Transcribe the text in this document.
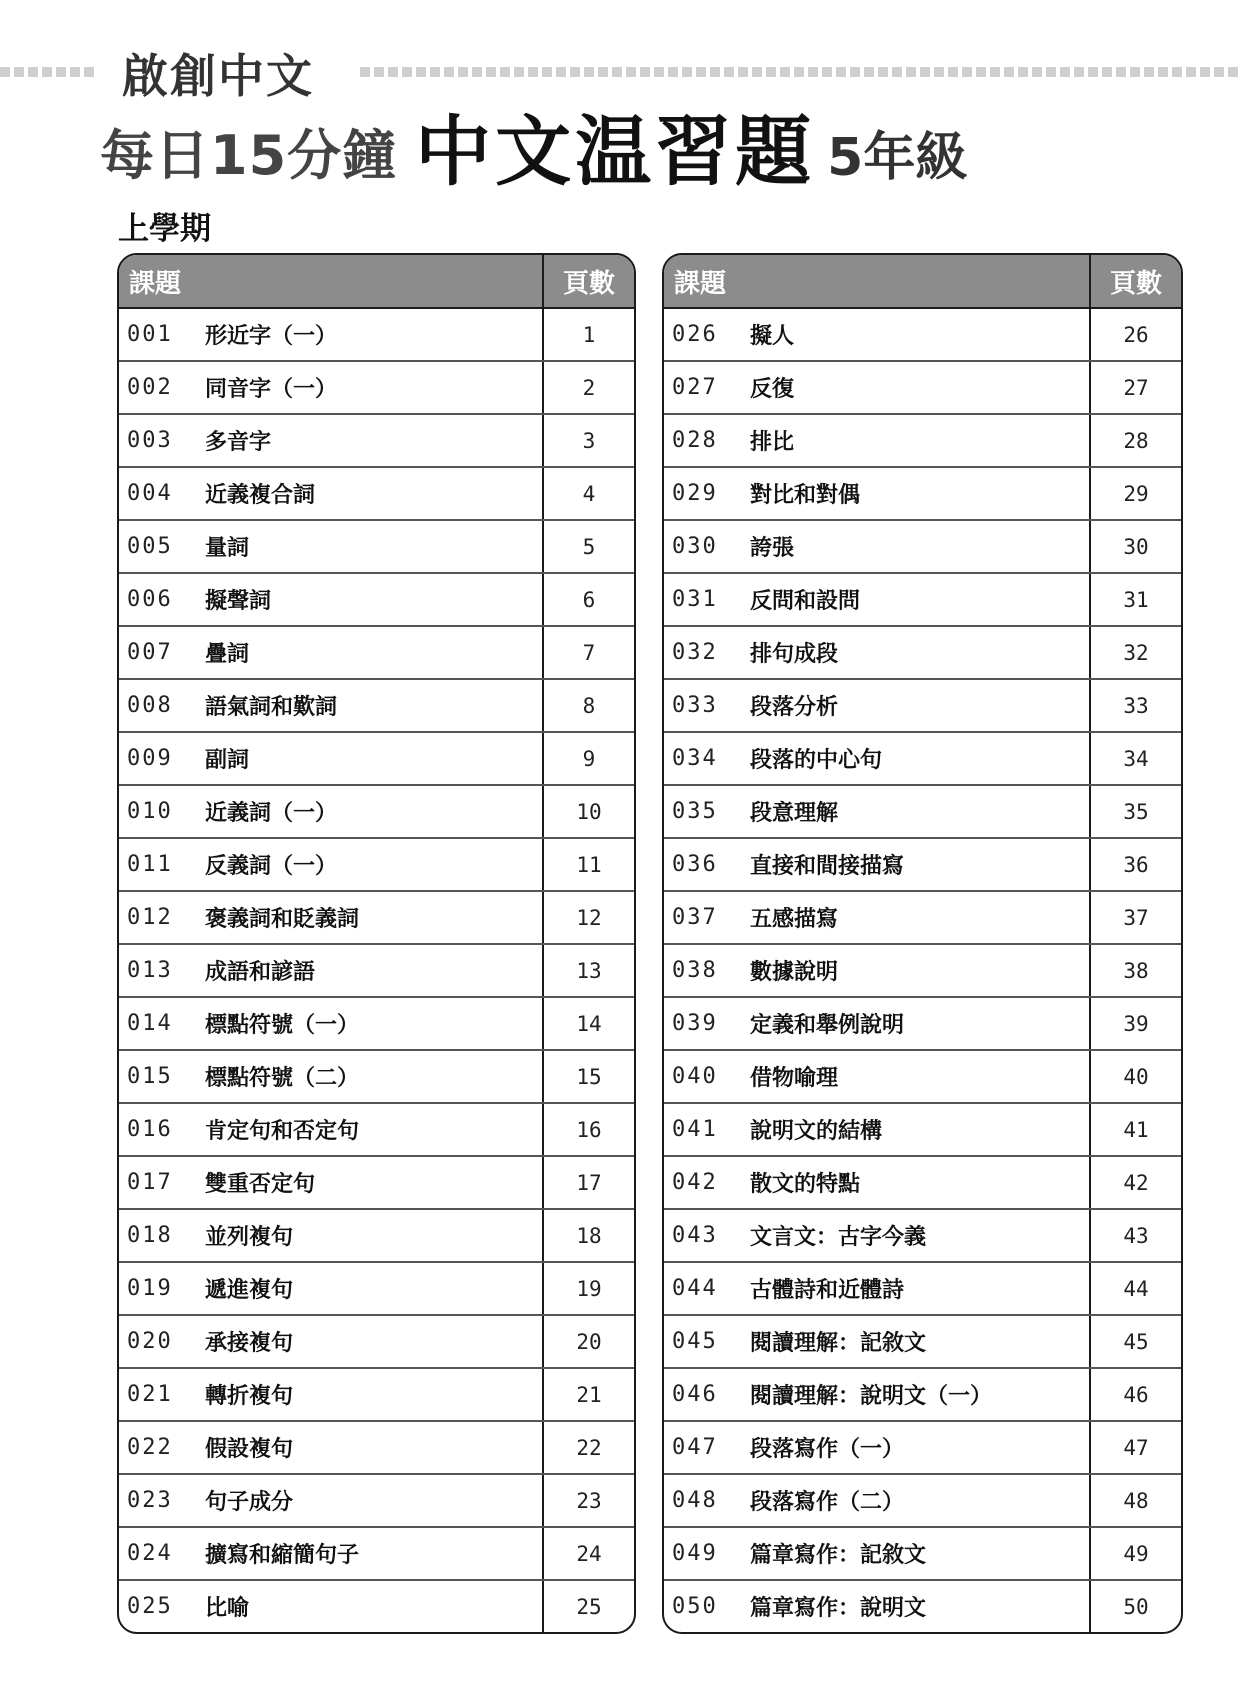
啟創中文
每日15分鐘 中文温習題 5年級
上學期
課題	頁數
001	形近字（一）	1
002	同音字（一）	2
003	多音字	3
004	近義複合詞	4
005	量詞	5
006	擬聲詞	6
007	疊詞	7
008	語氣詞和歎詞	8
009	副詞	9
010	近義詞（一）	10
011	反義詞（一）	11
012	褒義詞和貶義詞	12
013	成語和諺語	13
014	標點符號（一）	14
015	標點符號（二）	15
016	肯定句和否定句	16
017	雙重否定句	17
018	並列複句	18
019	遞進複句	19
020	承接複句	20
021	轉折複句	21
022	假設複句	22
023	句子成分	23
024	擴寫和縮簡句子	24
025	比喻	25
課題	頁數
026	擬人	26
027	反復	27
028	排比	28
029	對比和對偶	29
030	誇張	30
031	反問和設問	31
032	排句成段	32
033	段落分析	33
034	段落的中心句	34
035	段意理解	35
036	直接和間接描寫	36
037	五感描寫	37
038	數據說明	38
039	定義和舉例說明	39
040	借物喻理	40
041	說明文的結構	41
042	散文的特點	42
043	文言文：古字今義	43
044	古體詩和近體詩	44
045	閱讀理解：記敘文	45
046	閱讀理解：說明文（一）	46
047	段落寫作（一）	47
048	段落寫作（二）	48
049	篇章寫作：記敘文	49
050	篇章寫作：說明文	50
